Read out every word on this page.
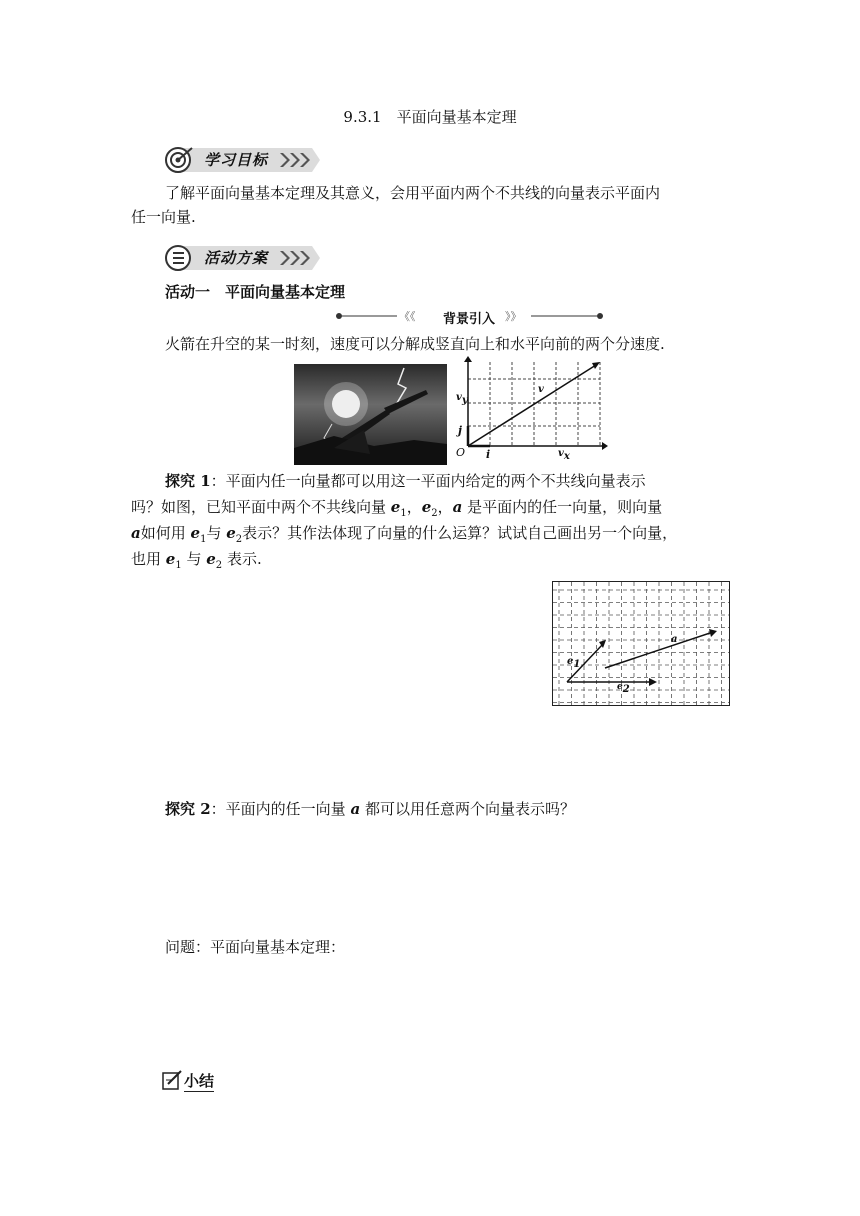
9.3.1　平面向量基本定理
学习目标
了解平面向量基本定理及其意义，会用平面内两个不共线的向量表示平面内
任一向量.
活动方案
活动一　平面向量基本定理
《《	》》
背景引入
火箭在升空的某一时刻，速度可以分解成竖直向上和水平向前的两个分速度.
$v_y$
v
j
O i	$v_x$
探究 1：平面内任一向量都可以用这一平面内给定的两个不共线向量表示
吗？如图，已知平面中两个不共线向量 $e_1$，$e_2$，a 是平面内的任一向量，则向量
a如何用 $e_1$与 $e_2$表示？其作法体现了向量的什么运算？试试自己画出另一个向量，
也用 $e_1$ 与 $e_2$ 表示.
$e_1$
a
$e_2$
探究 2：平面内的任一向量 a 都可以用任意两个向量表示吗？
问题：平面向量基本定理：
小结
